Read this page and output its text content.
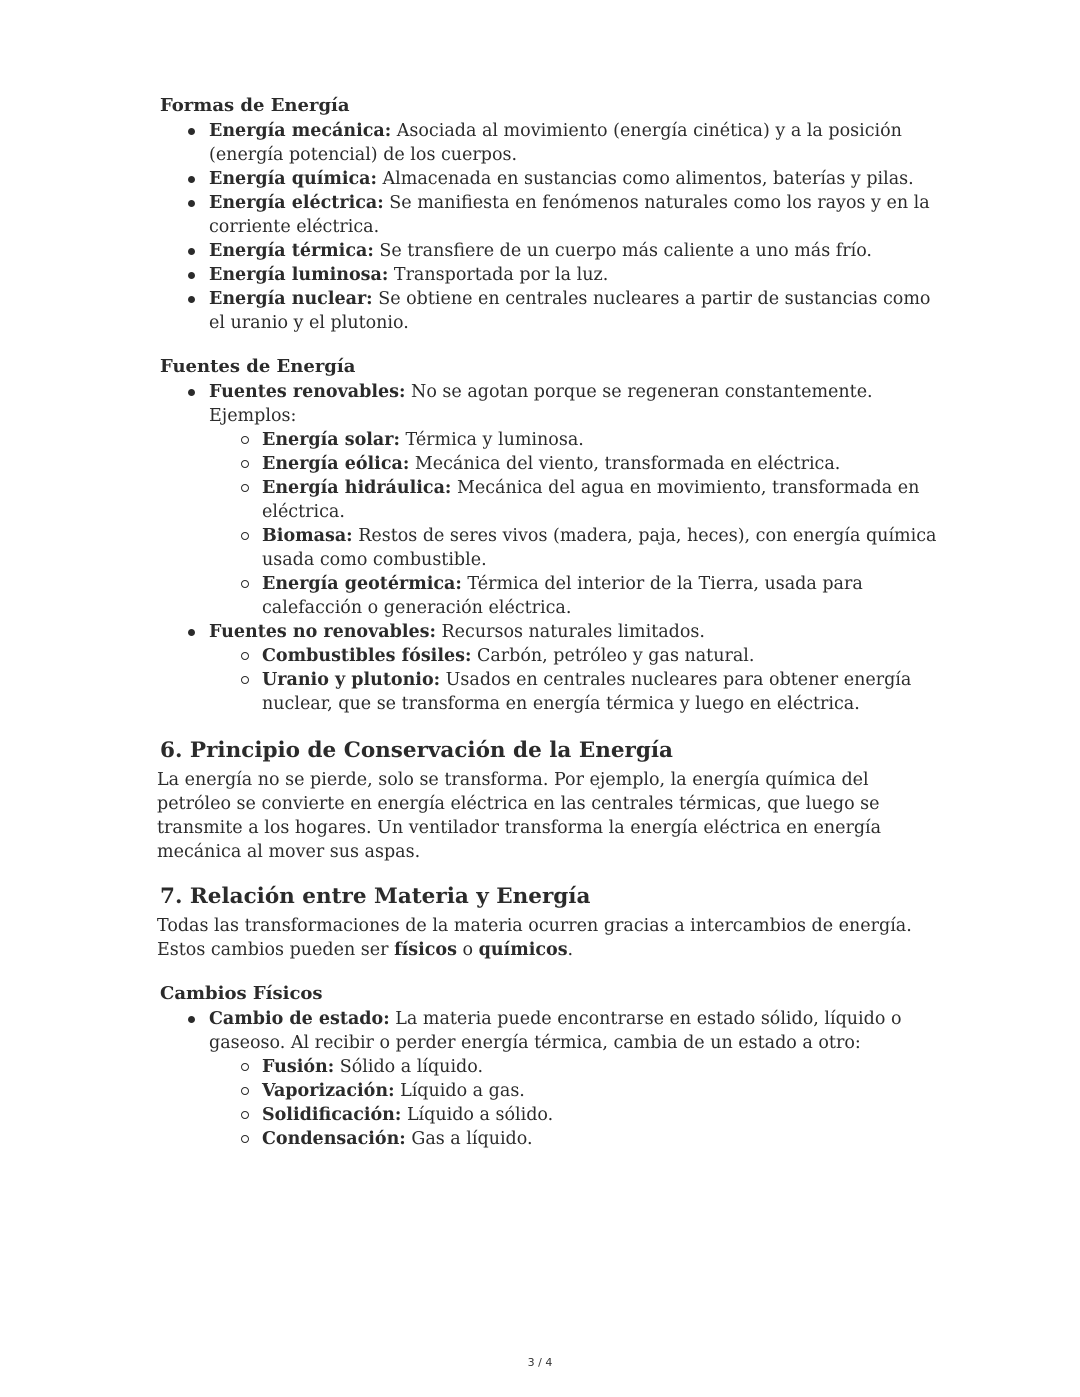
Formas de Energía
Energía mecánica: Asociada al movimiento (energía cinética) y a la posición (energía potencial) de los cuerpos.
Energía química: Almacenada en sustancias como alimentos, baterías y pilas.
Energía eléctrica: Se manifiesta en fenómenos naturales como los rayos y en la corriente eléctrica.
Energía térmica: Se transfiere de un cuerpo más caliente a uno más frío.
Energía luminosa: Transportada por la luz.
Energía nuclear: Se obtiene en centrales nucleares a partir de sustancias como el uranio y el plutonio.
Fuentes de Energía
Fuentes renovables: No se agotan porque se regeneran constantemente. Ejemplos:
Energía solar: Térmica y luminosa.
Energía eólica: Mecánica del viento, transformada en eléctrica.
Energía hidráulica: Mecánica del agua en movimiento, transformada en eléctrica.
Biomasa: Restos de seres vivos (madera, paja, heces), con energía química usada como combustible.
Energía geotérmica: Térmica del interior de la Tierra, usada para calefacción o generación eléctrica.
Fuentes no renovables: Recursos naturales limitados.
Combustibles fósiles: Carbón, petróleo y gas natural.
Uranio y plutonio: Usados en centrales nucleares para obtener energía nuclear, que se transforma en energía térmica y luego en eléctrica.
6. Principio de Conservación de la Energía

La energía no se pierde, solo se transforma. Por ejemplo, la energía química del petróleo se convierte en energía eléctrica en las centrales térmicas, que luego se transmite a los hogares. Un ventilador transforma la energía eléctrica en energía mecánica al mover sus aspas.

7. Relación entre Materia y Energía

Todas las transformaciones de la materia ocurren gracias a intercambios de energía. Estos cambios pueden ser físicos o químicos.

Cambios Físicos
Cambio de estado: La materia puede encontrarse en estado sólido, líquido o gaseoso. Al recibir o perder energía térmica, cambia de un estado a otro:
Fusión: Sólido a líquido.
Vaporización: Líquido a gas.
Solidificación: Líquido a sólido.
Condensación: Gas a líquido.
3 / 4
